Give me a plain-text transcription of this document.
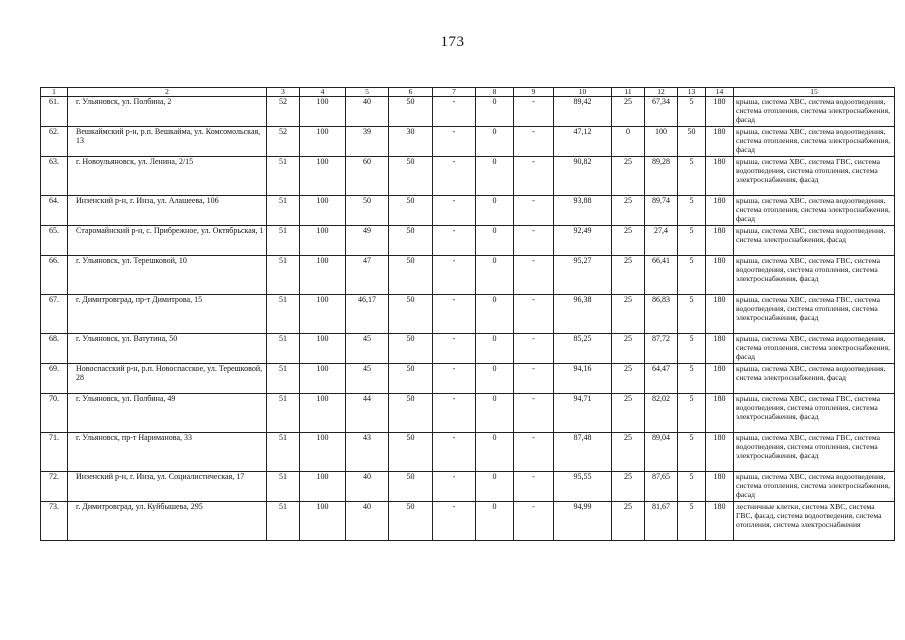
173
1	2	3	4	5	6	7	8	9	10	11	12	13	14	15
61.	г. Ульяновск, ул. Полбина, 2	52	100	40	50	-	0	-	89,42	25	67,34	5	180	крыша, система ХВС, система водоотведения, система отопления, система электроснабжения, фасад
62.	Вешкаймский р-н, р.п. Вешкайма, ул. Комсомольская, 13	52	100	39	30	-	0	-	47,12	0	100	50	180	крыша, система ХВС, система водоотведения, система отопления, система электроснабжения, фасад
63.	г. Новоульяновск, ул. Ленина, 2/15	51	100	60	50	-	0	-	90,82	25	89,28	5	180	крыша, система ХВС, система ГВС, система водоотведения, система отопления, система электроснабжения, фасад
64.	Инзенский р-н, г. Инза, ул. Алашеева, 106	51	100	50	50	-	0	-	93,88	25	89,74	5	180	крыша, система ХВС, система водоотведения, система отопления, система электроснабжения, фасад
65.	Старомайнский р-н, с. Прибрежное, ул. Октябрьская, 1	51	100	49	50	-	0	-	92,49	25	27,4	5	180	крыша, система ХВС, система водоотведения, система электроснабжения, фасад
66.	г. Ульяновск, ул. Терешковой, 10	51	100	47	50	-	0	-	95,27	25	66,41	5	180	крыша, система ХВС, система ГВС, система водоотведения, система отопления, система электроснабжения, фасад
67.	г. Димитровград, пр-т Димитрова, 15	51	100	46,17	50	-	0	-	96,38	25	86,83	5	180	крыша, система ХВС, система ГВС, система водоотведения, система отопления, система электроснабжения, фасад
68.	г. Ульяновск, ул. Ватутина, 50	51	100	45	50	-	0	-	85,25	25	87,72	5	180	крыша, система ХВС, система водоотведения, система отопления, система электроснабжения, фасад
69.	Новоспасский р-н, р.п. Новоспасское, ул. Терешковой, 28	51	100	45	50	-	0	-	94,16	25	64,47	5	180	крыша, система ХВС, система водоотведения, система электроснабжения, фасад
70.	г. Ульяновск, ул. Полбина, 49	51	100	44	50	-	0	-	94,71	25	82,02	5	180	крыша, система ХВС, система ГВС, система водоотведения, система отопления, система электроснабжения, фасад
71.	г. Ульяновск, пр-т Нариманова, 33	51	100	43	50	-	0	-	87,48	25	89,04	5	180	крыша, система ХВС, система ГВС, система водоотведения, система отопления, система электроснабжения, фасад
72.	Инзенский р-н, г. Инза, ул. Социалистическая, 17	51	100	40	50	-	0	-	95,55	25	87,65	5	180	крыша, система ХВС, система водоотведения, система отопления, система электроснабжения, фасад
73.	г. Димитровград, ул. Куйбышева, 295	51	100	40	50	-	0	-	94,99	25	81,67	5	180	лестничные клетки, система ХВС, система ГВС, фасад, система водоотведения, система отопления, система электроснабжения
